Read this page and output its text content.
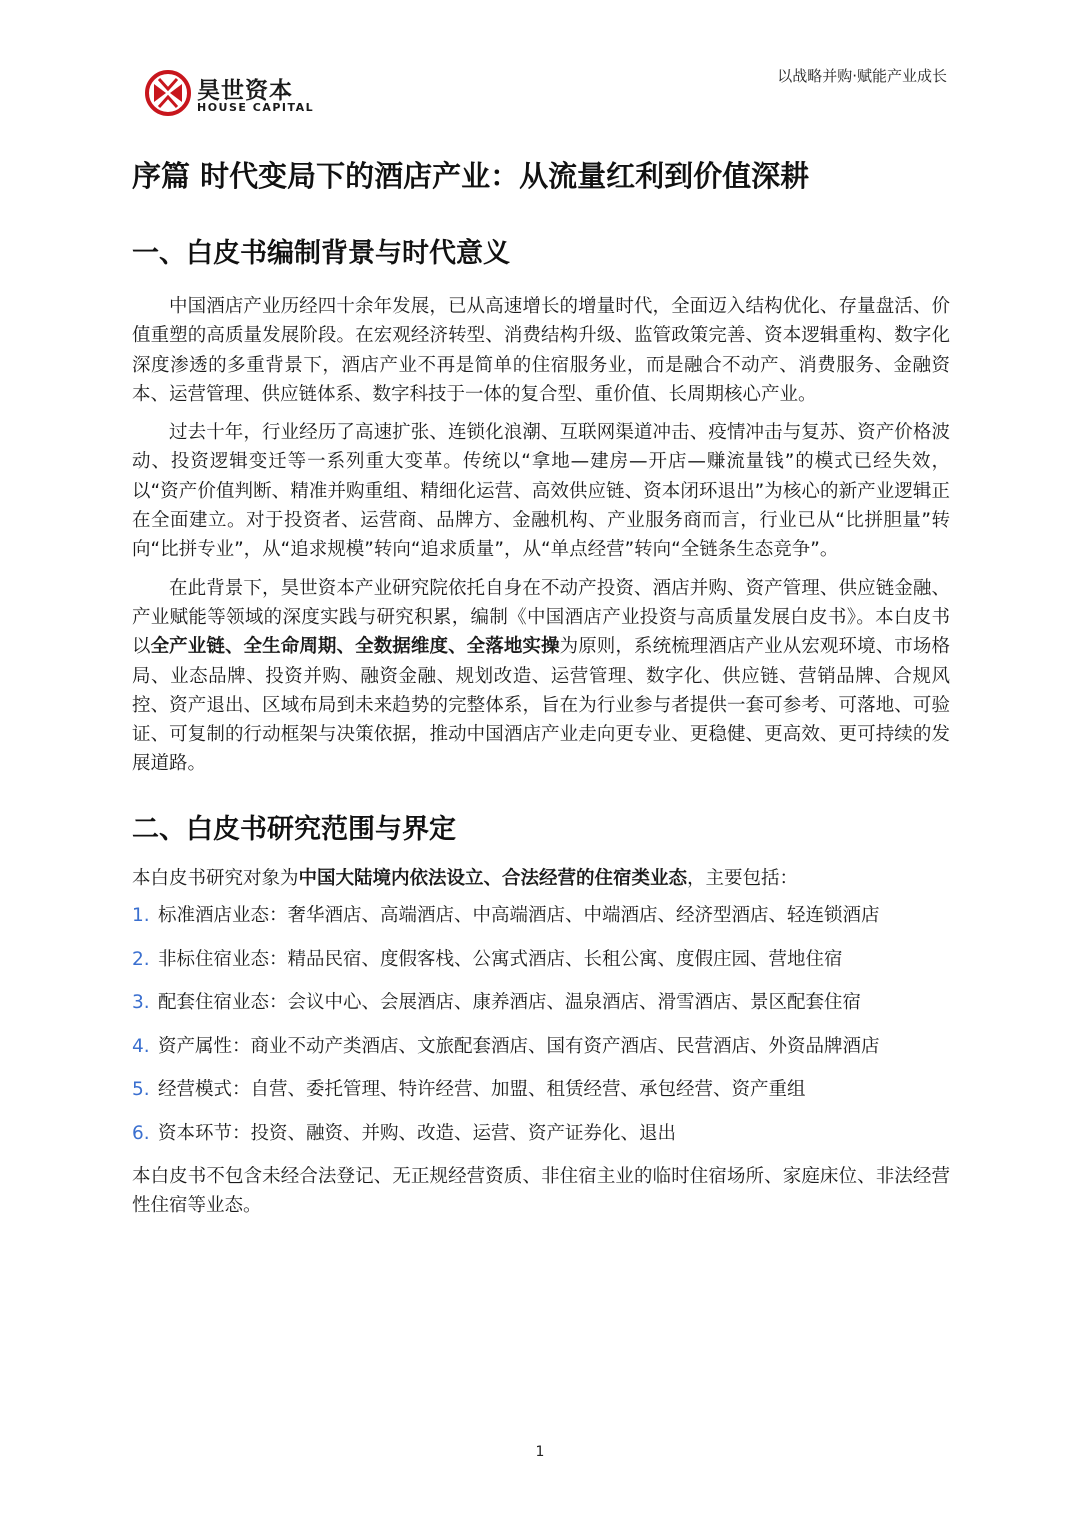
昊世资本
HOUSE CAPITAL
以战略并购·赋能产业成长
序篇 时代变局下的酒店产业：从流量红利到价值深耕
一、白皮书编制背景与时代意义

中国酒店产业历经四十余年发展，已从高速增长的增量时代，全面迈入结构优化、存量盘活、价值重塑的高质量发展阶段。在宏观经济转型、消费结构升级、监管政策完善、资本逻辑重构、数字化深度渗透的多重背景下，酒店产业不再是简单的住宿服务业，而是融合不动产、消费服务、金融资本、运营管理、供应链体系、数字科技于一体的复合型、重价值、长周期核心产业。

过去十年，行业经历了高速扩张、连锁化浪潮、互联网渠道冲击、疫情冲击与复苏、资产价格波动、投资逻辑变迁等一系列重大变革。传统以“拿地—建房—开店—赚流量钱”的模式已经失效，以“资产价值判断、精准并购重组、精细化运营、高效供应链、资本闭环退出”为核心的新产业逻辑正在全面建立。对于投资者、运营商、品牌方、金融机构、产业服务商而言，行业已从“比拼胆量”转向“比拼专业”，从“追求规模”转向“追求质量”，从“单点经营”转向“全链条生态竞争”。

在此背景下，昊世资本产业研究院依托自身在不动产投资、酒店并购、资产管理、供应链金融、产业赋能等领域的深度实践与研究积累，编制《中国酒店产业投资与高质量发展白皮书》。本白皮书以全产业链、全生命周期、全数据维度、全落地实操为原则，系统梳理酒店产业从宏观环境、市场格局、业态品牌、投资并购、融资金融、规划改造、运营管理、数字化、供应链、营销品牌、合规风控、资产退出、区域布局到未来趋势的完整体系，旨在为行业参与者提供一套可参考、可落地、可验证、可复制的行动框架与决策依据，推动中国酒店产业走向更专业、更稳健、更高效、更可持续的发展道路。

二、白皮书研究范围与界定

本白皮书研究对象为中国大陆境内依法设立、合法经营的住宿类业态，主要包括：

1. 标准酒店业态：奢华酒店、高端酒店、中高端酒店、中端酒店、经济型酒店、轻连锁酒店
2. 非标住宿业态：精品民宿、度假客栈、公寓式酒店、长租公寓、度假庄园、营地住宿
3. 配套住宿业态：会议中心、会展酒店、康养酒店、温泉酒店、滑雪酒店、景区配套住宿
4. 资产属性：商业不动产类酒店、文旅配套酒店、国有资产酒店、民营酒店、外资品牌酒店
5. 经营模式：自营、委托管理、特许经营、加盟、租赁经营、承包经营、资产重组
6. 资本环节：投资、融资、并购、改造、运营、资产证券化、退出

本白皮书不包含未经合法登记、无正规经营资质、非住宿主业的临时住宿场所、家庭床位、非法经营性住宿等业态。

1
